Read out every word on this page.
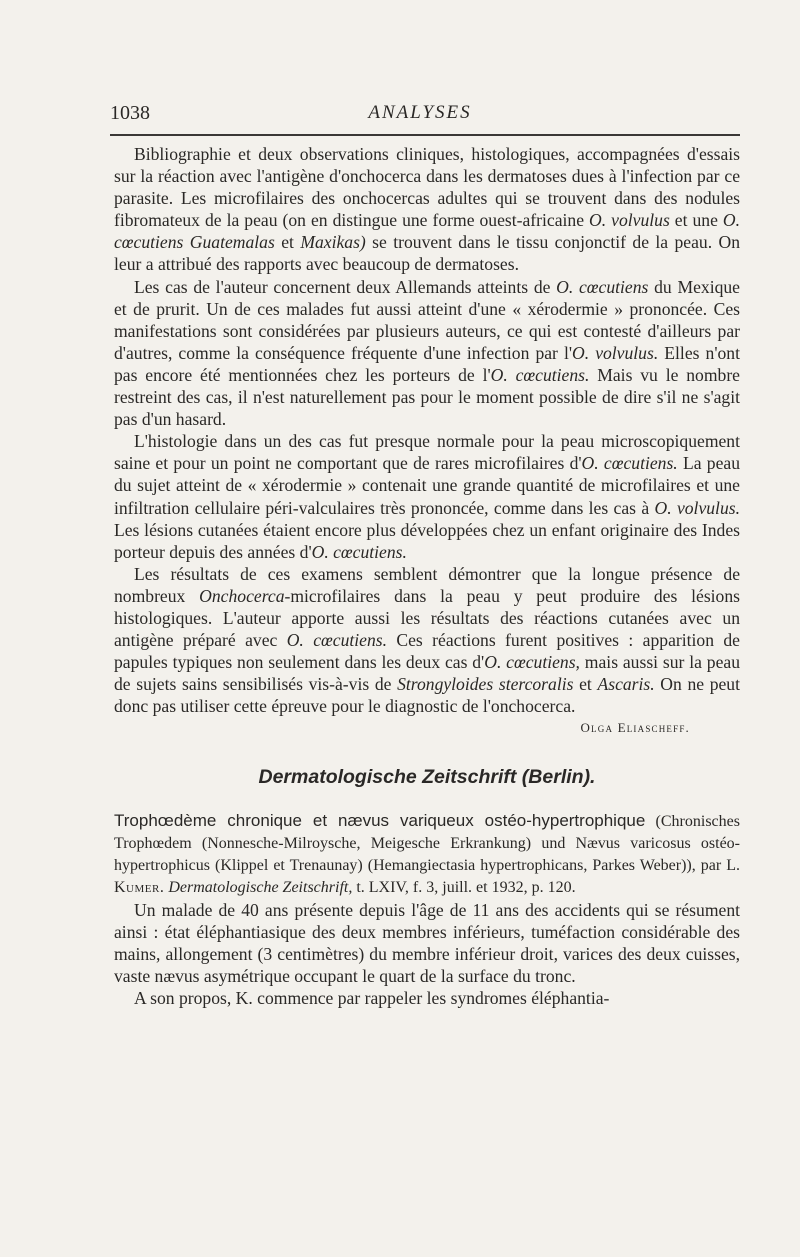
1038	ANALYSES

Bibliographie et deux observations cliniques, histologiques, accompagnées d'essais sur la réaction avec l'antigène d'onchocerca dans les dermatoses dues à l'infection par ce parasite. Les microfilaires des onchocercas adultes qui se trouvent dans des nodules fibromateux de la peau (on en distingue une forme ouest-africaine O. volvulus et une O. cœcutiens Guatemalas et Maxikas) se trouvent dans le tissu conjonctif de la peau. On leur a attribué des rapports avec beaucoup de dermatoses.

Les cas de l'auteur concernent deux Allemands atteints de O. cœcutiens du Mexique et de prurit. Un de ces malades fut aussi atteint d'une « xérodermie » prononcée. Ces manifestations sont considérées par plusieurs auteurs, ce qui est contesté d'ailleurs par d'autres, comme la conséquence fréquente d'une infection par l'O. volvulus. Elles n'ont pas encore été mentionnées chez les porteurs de l'O. cœcutiens. Mais vu le nombre restreint des cas, il n'est naturellement pas pour le moment possible de dire s'il ne s'agit pas d'un hasard.

L'histologie dans un des cas fut presque normale pour la peau microscopiquement saine et pour un point ne comportant que de rares microfilaires d'O. cœcutiens. La peau du sujet atteint de « xérodermie » contenait une grande quantité de microfilaires et une infiltration cellulaire péri-valculaires très prononcée, comme dans les cas à O. volvulus. Les lésions cutanées étaient encore plus développées chez un enfant originaire des Indes porteur depuis des années d'O. cœcutiens.

Les résultats de ces examens semblent démontrer que la longue présence de nombreux Onchocerca-microfilaires dans la peau y peut produire des lésions histologiques. L'auteur apporte aussi les résultats des réactions cutanées avec un antigène préparé avec O. cœcutiens. Ces réactions furent positives : apparition de papules typiques non seulement dans les deux cas d'O. cœcutiens, mais aussi sur la peau de sujets sains sensibilisés vis-à-vis de Strongyloides stercoralis et Ascaris. On ne peut donc pas utiliser cette épreuve pour le diagnostic de l'onchocerca.

Olga Eliascheff.

Dermatologische Zeitschrift (Berlin).

Trophœdème chronique et nævus variqueux ostéo-hypertrophique (Chronisches Trophœdem (Nonnesche-Milroysche, Meigesche Erkrankung) und Nævus varicosus ostéo-hypertrophicus (Klippel et Trenaunay) (Hemangiectasia hypertrophicans, Parkes Weber)), par L. Kumer. Dermatologische Zeitschrift, t. LXIV, f. 3, juill. et 1932, p. 120.

Un malade de 40 ans présente depuis l'âge de 11 ans des accidents qui se résument ainsi : état éléphantiasique des deux membres inférieurs, tuméfaction considérable des mains, allongement (3 centimètres) du membre inférieur droit, varices des deux cuisses, vaste nævus asymétrique occupant le quart de la surface du tronc.

A son propos, K. commence par rappeler les syndromes éléphantia-
